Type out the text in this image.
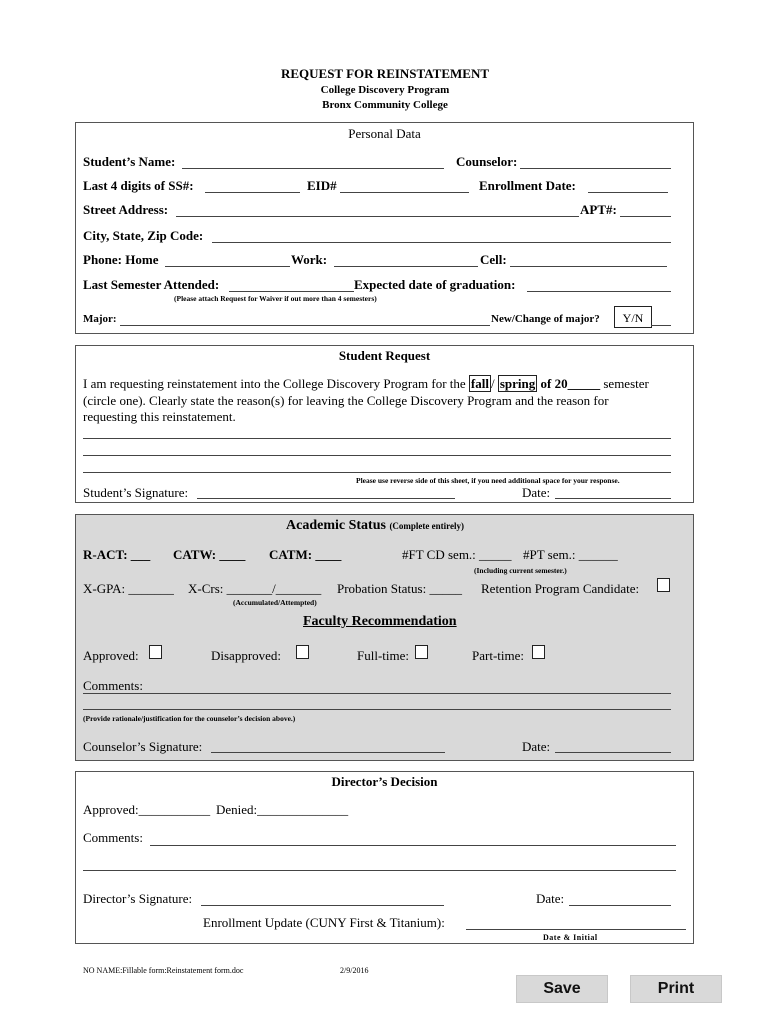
REQUEST FOR REINSTATEMENT
College Discovery Program
Bronx Community College
Personal Data
Student’s Name:	Counselor:
Last 4 digits of SS#:	EID#	Enrollment Date:
Street Address:	APT#:
City, State, Zip Code:
Phone: Home	Work:	Cell:
Last Semester Attended:	Expected date of graduation:
(Please attach Request for Waiver if out more than 4 semesters)
Major:	New/Change of major?	Y/N
Student Request
I am requesting reinstatement into the College Discovery Program for the fall / spring of 20_____ semester
(circle one). Clearly state the reason(s) for leaving the College Discovery Program and the reason for
requesting this reinstatement.
Please use reverse side of this sheet, if you need additional space for your response.
Student’s Signature:	Date:
Academic Status (Complete entirely)
R-ACT: ___ CATW: ____ CATM: ____	#FT CD sem.: _____ #PT sem.: ______
(Including current semester.)
X-GPA: _______ X-Crs: _______/_______ Probation Status: _____ Retention Program Candidate:
(Accumulated/Attempted)
Faculty Recommendation
Approved:	Disapproved:	Full-time:	Part-time:
Comments:
(Provide rationale/justification for the counselor’s decision above.)
Counselor’s Signature:	Date:
Director’s Decision
Approved:___________ Denied:______________
Comments:
Director’s Signature:	Date:
Enrollment Update (CUNY First & Titanium):
Date & Initial
NO NAME:Fillable form:Reinstatement form.doc	2/9/2016
Save	Print
